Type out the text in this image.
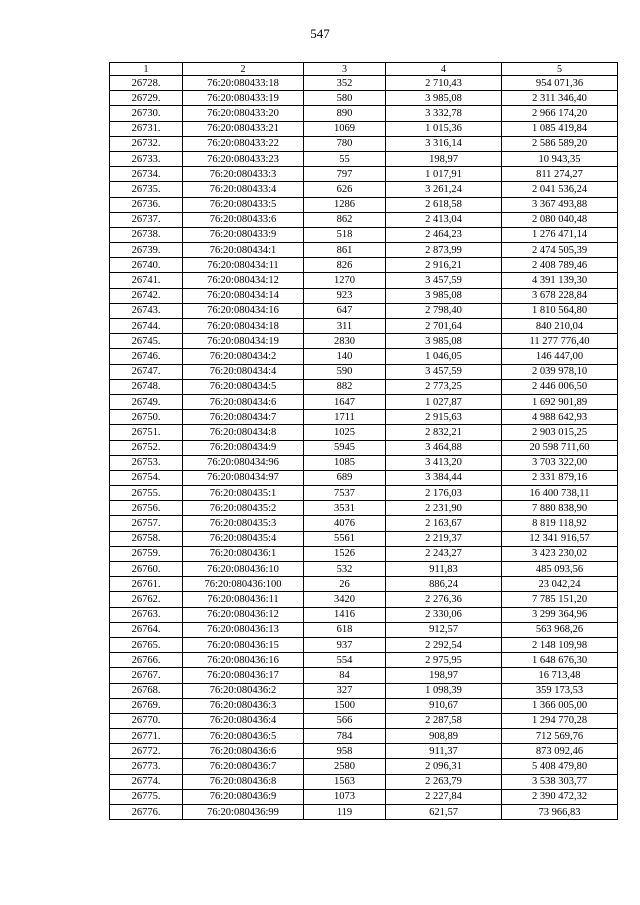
547
1	2	3	4	5
26728.	76:20:080433:18	352	2 710,43	954 071,36
26729.	76:20:080433:19	580	3 985,08	2 311 346,40
26730.	76:20:080433:20	890	3 332,78	2 966 174,20
26731.	76:20:080433:21	1069	1 015,36	1 085 419,84
26732.	76:20:080433:22	780	3 316,14	2 586 589,20
26733.	76:20:080433:23	55	198,97	10 943,35
26734.	76:20:080433:3	797	1 017,91	811 274,27
26735.	76:20:080433:4	626	3 261,24	2 041 536,24
26736.	76:20:080433:5	1286	2 618,58	3 367 493,88
26737.	76:20:080433:6	862	2 413,04	2 080 040,48
26738.	76:20:080433:9	518	2 464,23	1 276 471,14
26739.	76:20:080434:1	861	2 873,99	2 474 505,39
26740.	76:20:080434:11	826	2 916,21	2 408 789,46
26741.	76:20:080434:12	1270	3 457,59	4 391 139,30
26742.	76:20:080434:14	923	3 985,08	3 678 228,84
26743.	76:20:080434:16	647	2 798,40	1 810 564,80
26744.	76:20:080434:18	311	2 701,64	840 210,04
26745.	76:20:080434:19	2830	3 985,08	11 277 776,40
26746.	76:20:080434:2	140	1 046,05	146 447,00
26747.	76:20:080434:4	590	3 457,59	2 039 978,10
26748.	76:20:080434:5	882	2 773,25	2 446 006,50
26749.	76:20:080434:6	1647	1 027,87	1 692 901,89
26750.	76:20:080434:7	1711	2 915,63	4 988 642,93
26751.	76:20:080434:8	1025	2 832,21	2 903 015,25
26752.	76:20:080434:9	5945	3 464,88	20 598 711,60
26753.	76:20:080434:96	1085	3 413,20	3 703 322,00
26754.	76:20:080434:97	689	3 384,44	2 331 879,16
26755.	76:20:080435:1	7537	2 176,03	16 400 738,11
26756.	76:20:080435:2	3531	2 231,90	7 880 838,90
26757.	76:20:080435:3	4076	2 163,67	8 819 118,92
26758.	76:20:080435:4	5561	2 219,37	12 341 916,57
26759.	76:20:080436:1	1526	2 243,27	3 423 230,02
26760.	76:20:080436:10	532	911,83	485 093,56
26761.	76:20:080436:100	26	886,24	23 042,24
26762.	76:20:080436:11	3420	2 276,36	7 785 151,20
26763.	76:20:080436:12	1416	2 330,06	3 299 364,96
26764.	76:20:080436:13	618	912,57	563 968,26
26765.	76:20:080436:15	937	2 292,54	2 148 109,98
26766.	76:20:080436:16	554	2 975,95	1 648 676,30
26767.	76:20:080436:17	84	198,97	16 713,48
26768.	76:20:080436:2	327	1 098,39	359 173,53
26769.	76:20:080436:3	1500	910,67	1 366 005,00
26770.	76:20:080436:4	566	2 287,58	1 294 770,28
26771.	76:20:080436:5	784	908,89	712 569,76
26772.	76:20:080436:6	958	911,37	873 092,46
26773.	76:20:080436:7	2580	2 096,31	5 408 479,80
26774.	76:20:080436:8	1563	2 263,79	3 538 303,77
26775.	76:20:080436:9	1073	2 227,84	2 390 472,32
26776.	76:20:080436:99	119	621,57	73 966,83
